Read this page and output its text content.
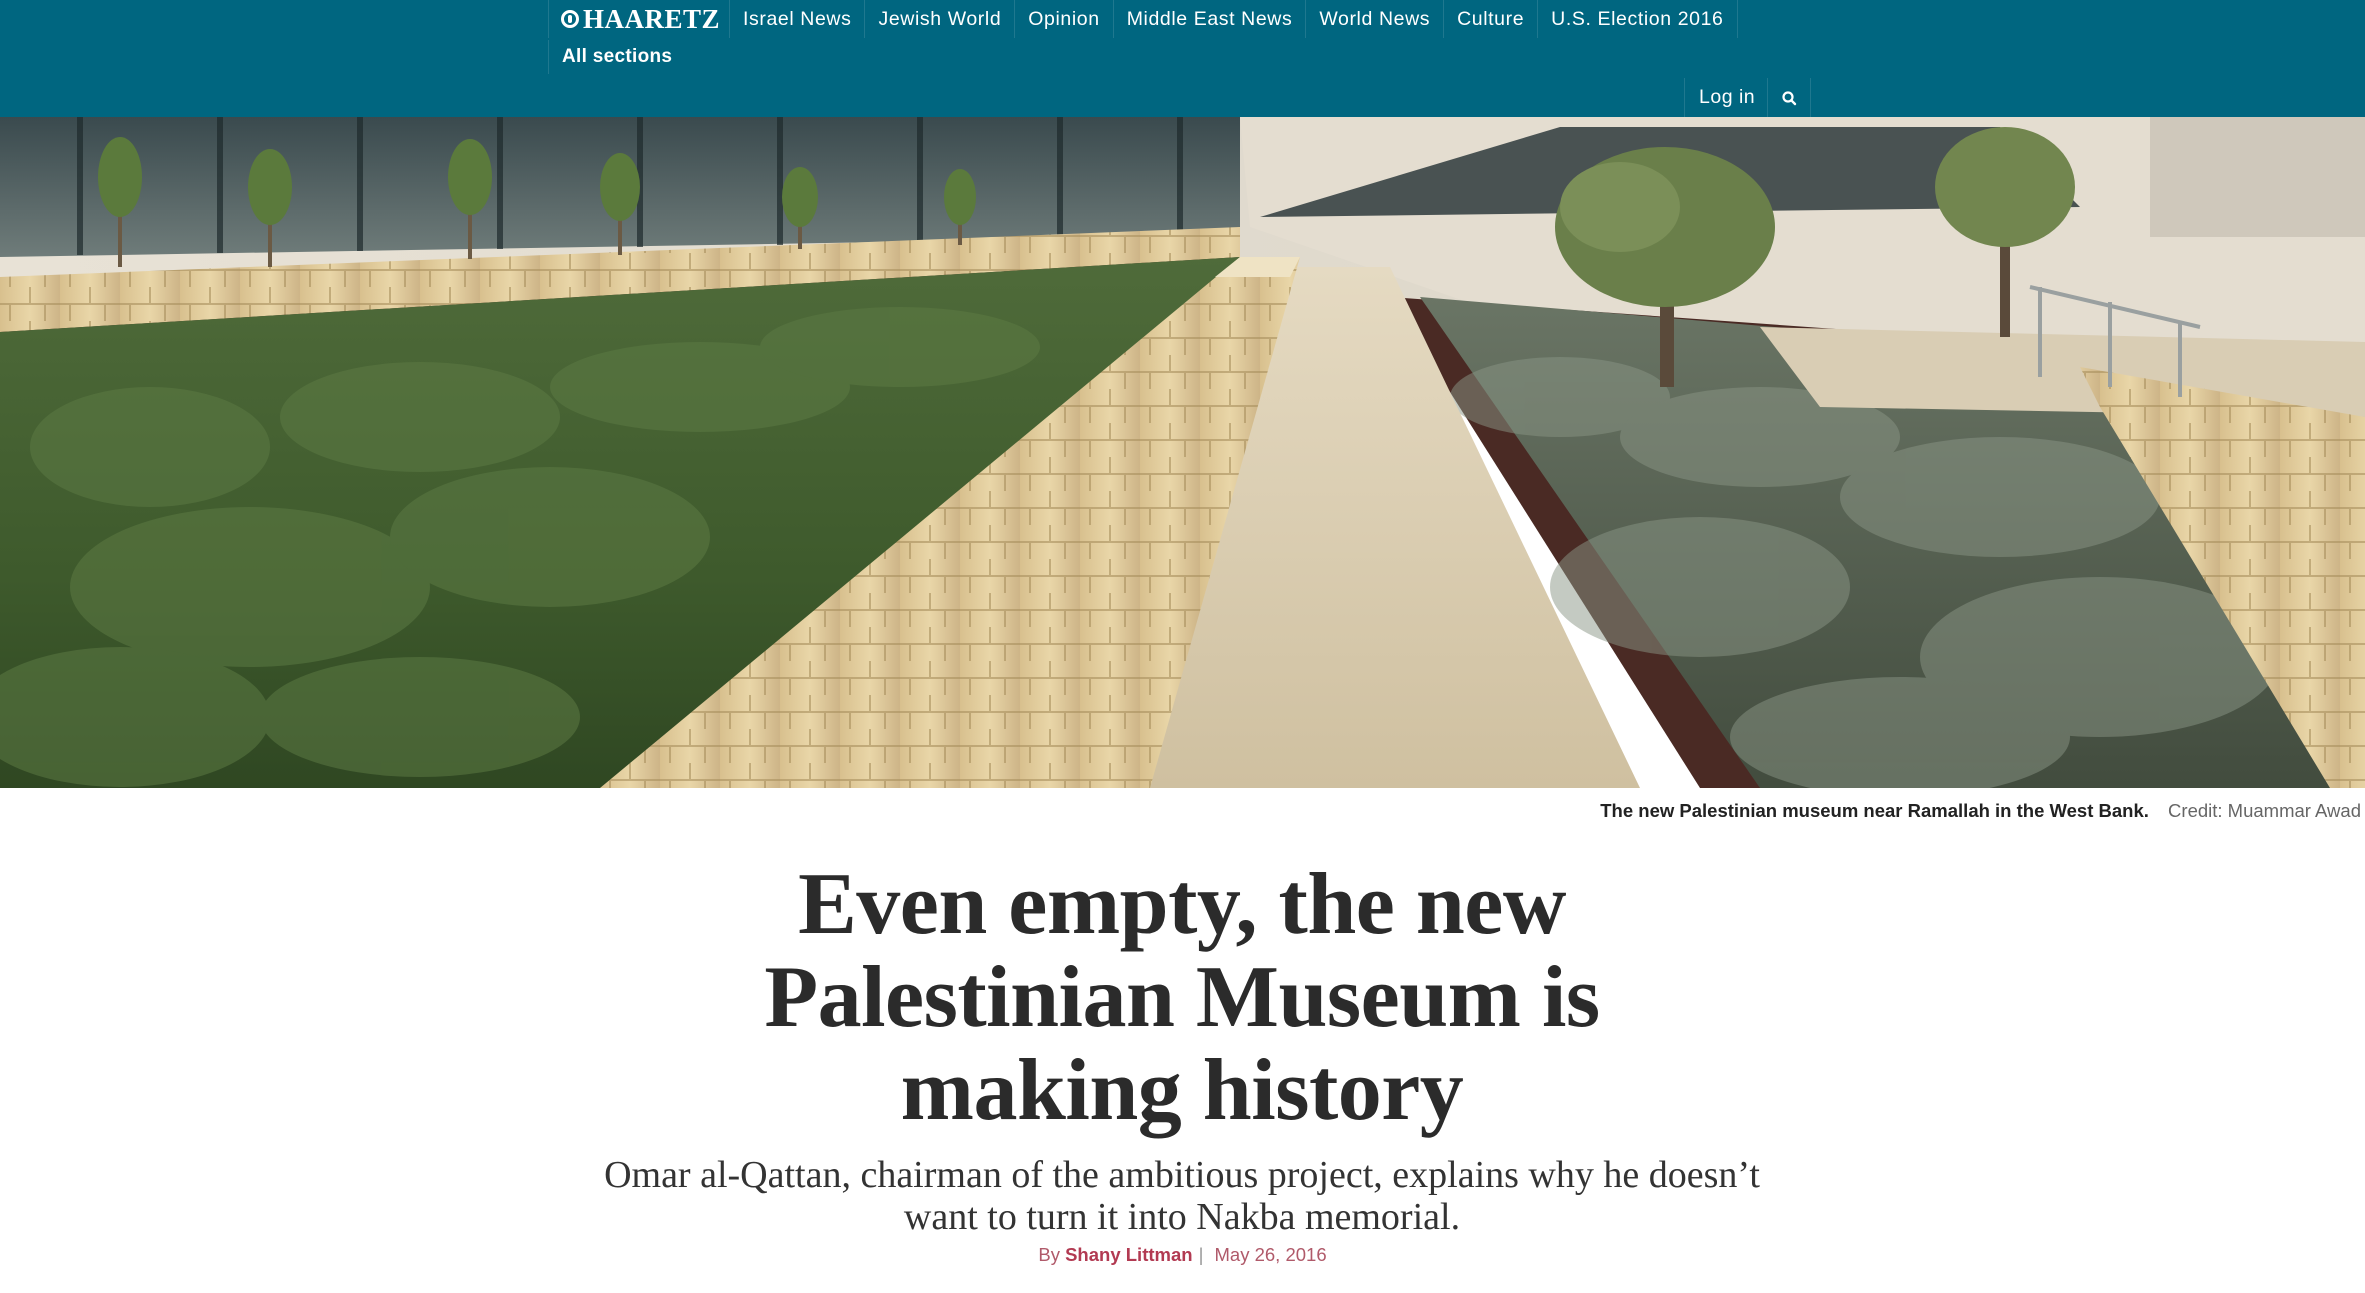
HAARETZ	Israel News	Jewish World	Opinion	Middle East News	World News	Culture	U.S. Election 2016
All sections
Log in
The new Palestinian museum near Ramallah in the West Bank. Credit: Muammar Awad
Even empty, the new Palestinian Museum is making history

Omar al-Qattan, chairman of the ambitious project, explains why he doesn’t want to turn it into Nakba memorial.

By Shany Littman | May 26, 2016
